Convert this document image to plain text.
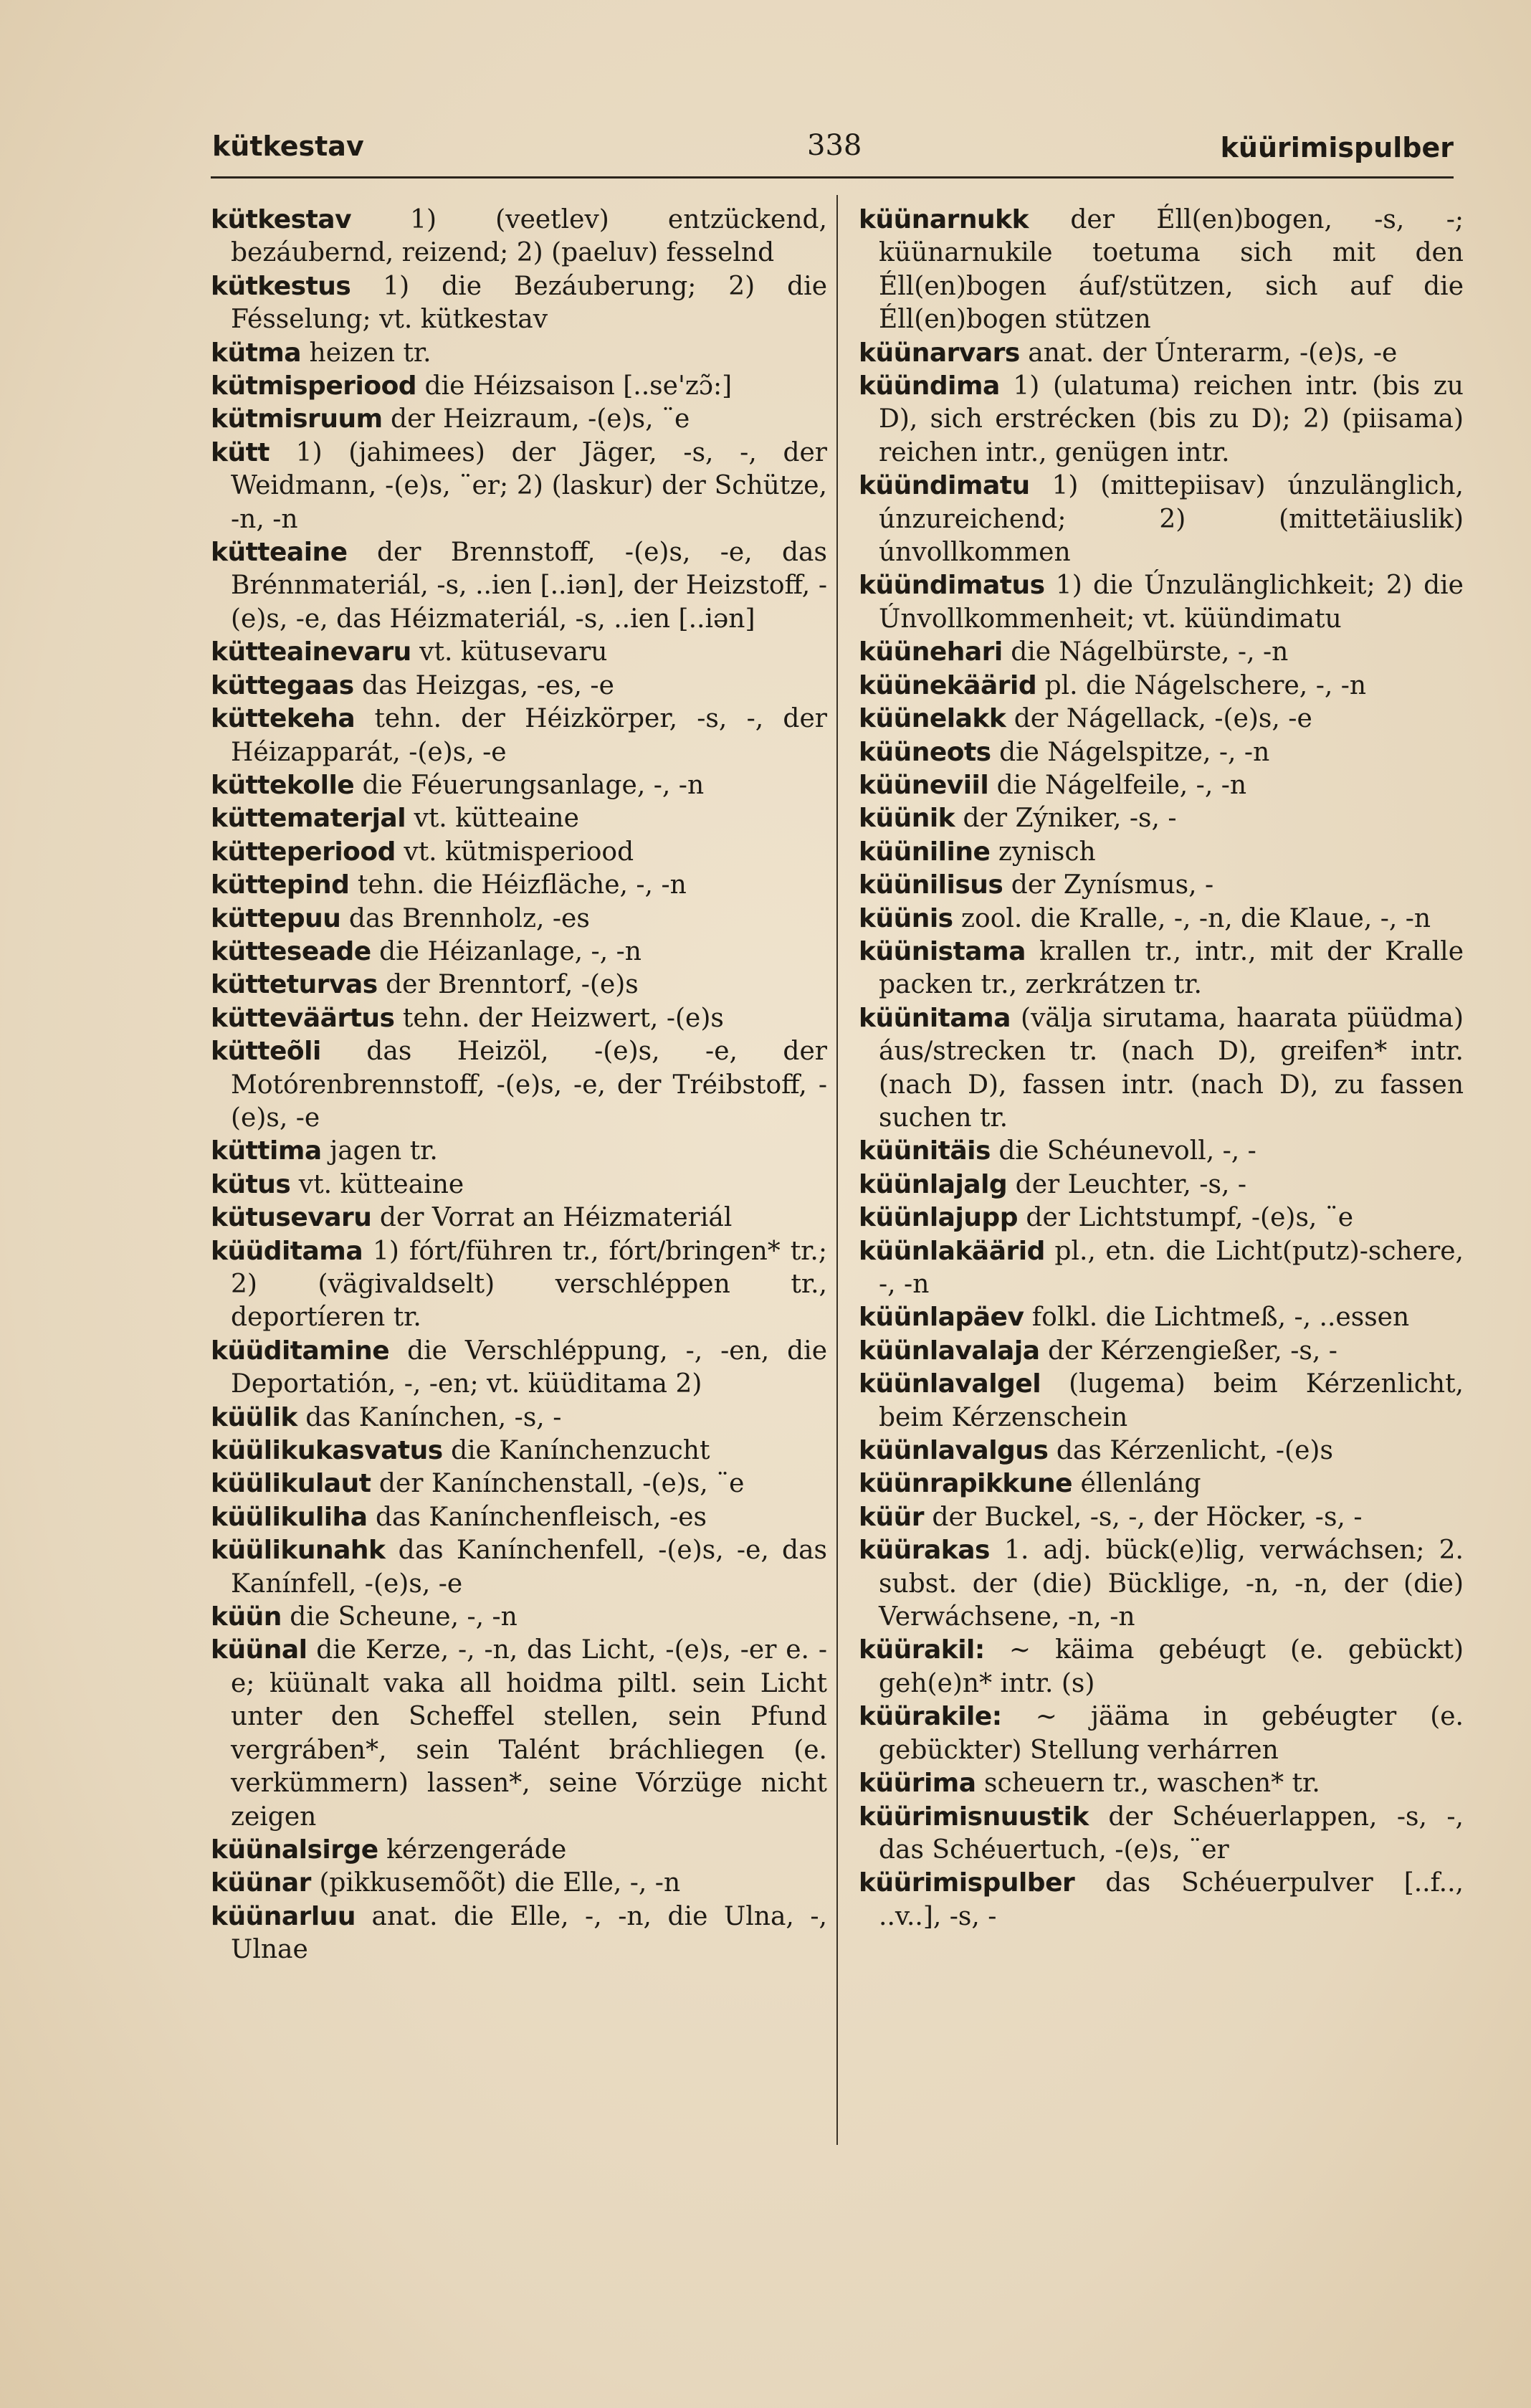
kütkestav	338	küürimispulber

kütkestav 1) (veetlev) entzückend, bezáubernd, reizend; 2) (paeluv) fesselnd

kütkestus 1) die Bezáuberung; 2) die Fésselung; vt. kütkestav

kütma heizen tr.

kütmisperiood die Héizsaison [..se'zɔ̃:]

kütmisruum der Heizraum, -(e)s, ¨e

kütt 1) (jahimees) der Jäger, -s, -, der Weidmann, -(e)s, ¨er; 2) (laskur) der Schütze, -n, -n

kütteaine der Brennstoff, -(e)s, -e, das Brénnmateriál, -s, ..ien [..iən], der Heizstoff, -(e)s, -e, das Héizmateriál, -s, ..ien [..iən]

kütteainevaru vt. kütusevaru

küttegaas das Heizgas, -es, -e

küttekeha tehn. der Héizkörper, -s, -, der Héizapparát, -(e)s, -e

küttekolle die Féuerungsanlage, -, -n

küttematerjal vt. kütteaine

kütteperiood vt. kütmisperiood

küttepind tehn. die Héizfläche, -, -n

küttepuu das Brennholz, -es

kütteseade die Héizanlage, -, -n

kütteturvas der Brenntorf, -(e)s

kütteväärtus tehn. der Heizwert, -(e)s

kütteõli das Heizöl, -(e)s, -e, der Motórenbrennstoff, -(e)s, -e, der Tréibstoff, -(e)s, -e

küttima jagen tr.

kütus vt. kütteaine

kütusevaru der Vorrat an Héizmateriál

küüditama 1) fórt/führen tr., fórt/bringen* tr.; 2) (vägivaldselt) verschléppen tr., deportíeren tr.

küüditamine die Verschléppung, -, -en, die Deportatión, -, -en; vt. küüditama 2)

küülik das Kanínchen, -s, -

küülikukasvatus die Kanínchenzucht

küülikulaut der Kanínchenstall, -(e)s, ¨e

küülikuliha das Kanínchenfleisch, -es

küülikunahk das Kanínchenfell, -(e)s, -e, das Kanínfell, -(e)s, -e

küün die Scheune, -, -n

küünal die Kerze, -, -n, das Licht, -(e)s, -er e. -e; küünalt vaka all hoidma piltl. sein Licht unter den Scheffel stellen, sein Pfund vergráben*, sein Talént bráchliegen (e. verkümmern) lassen*, seine Vórzüge nicht zeigen

küünalsirge kérzengeráde

küünar (pikkusemõõt) die Elle, -, -n

küünarluu anat. die Elle, -, -n, die Ulna, -, Ulnae

küünarnukk der Éll(en)bogen, -s, -; küünarnukile toetuma sich mit den Éll(en)bogen áuf/stützen, sich auf die Éll(en)bogen stützen

küünarvars anat. der Únterarm, -(e)s, -e

küündima 1) (ulatuma) reichen intr. (bis zu D), sich erstrécken (bis zu D); 2) (piisama) reichen intr., genügen intr.

küündimatu 1) (mittepiisav) únzulänglich, únzureichend; 2) (mittetäiuslik) únvollkommen

küündimatus 1) die Únzulänglichkeit; 2) die Únvollkommenheit; vt. küündimatu

küünehari die Nágelbürste, -, -n

küünekäärid pl. die Nágelschere, -, -n

küünelakk der Nágellack, -(e)s, -e

küüneots die Nágelspitze, -, -n

küüneviil die Nágelfeile, -, -n

küünik der Zýniker, -s, -

küüniline zynisch

küünilisus der Zynísmus, -

küünis zool. die Kralle, -, -n, die Klaue, -, -n

küünistama krallen tr., intr., mit der Kralle packen tr., zerkrátzen tr.

küünitama (välja sirutama, haarata püüdma) áus/strecken tr. (nach D), greifen* intr. (nach D), fassen intr. (nach D), zu fassen suchen tr.

küünitäis die Schéunevoll, -, -

küünlajalg der Leuchter, -s, -

küünlajupp der Lichtstumpf, -(e)s, ¨e

küünlakäärid pl., etn. die Licht(putz)-schere, -, -n

küünlapäev folkl. die Lichtmeß, -, ..essen

küünlavalaja der Kérzengießer, -s, -

küünlavalgel (lugema) beim Kérzenlicht, beim Kérzenschein

küünlavalgus das Kérzenlicht, -(e)s

küünrapikkune éllenláng

küür der Buckel, -s, -, der Höcker, -s, -

küürakas 1. adj. bück(e)lig, verwáchsen; 2. subst. der (die) Bücklige, -n, -n, der (die) Verwáchsene, -n, -n

küürakil: ~ käima gebéugt (e. gebückt) geh(e)n* intr. (s)

küürakile: ~ jääma in gebéugter (e. gebückter) Stellung verhárren

küürima scheuern tr., waschen* tr.

küürimisnuustik der Schéuerlappen, -s, -, das Schéuertuch, -(e)s, ¨er

küürimispulber das Schéuerpulver [..f.., ..v..], -s, -
